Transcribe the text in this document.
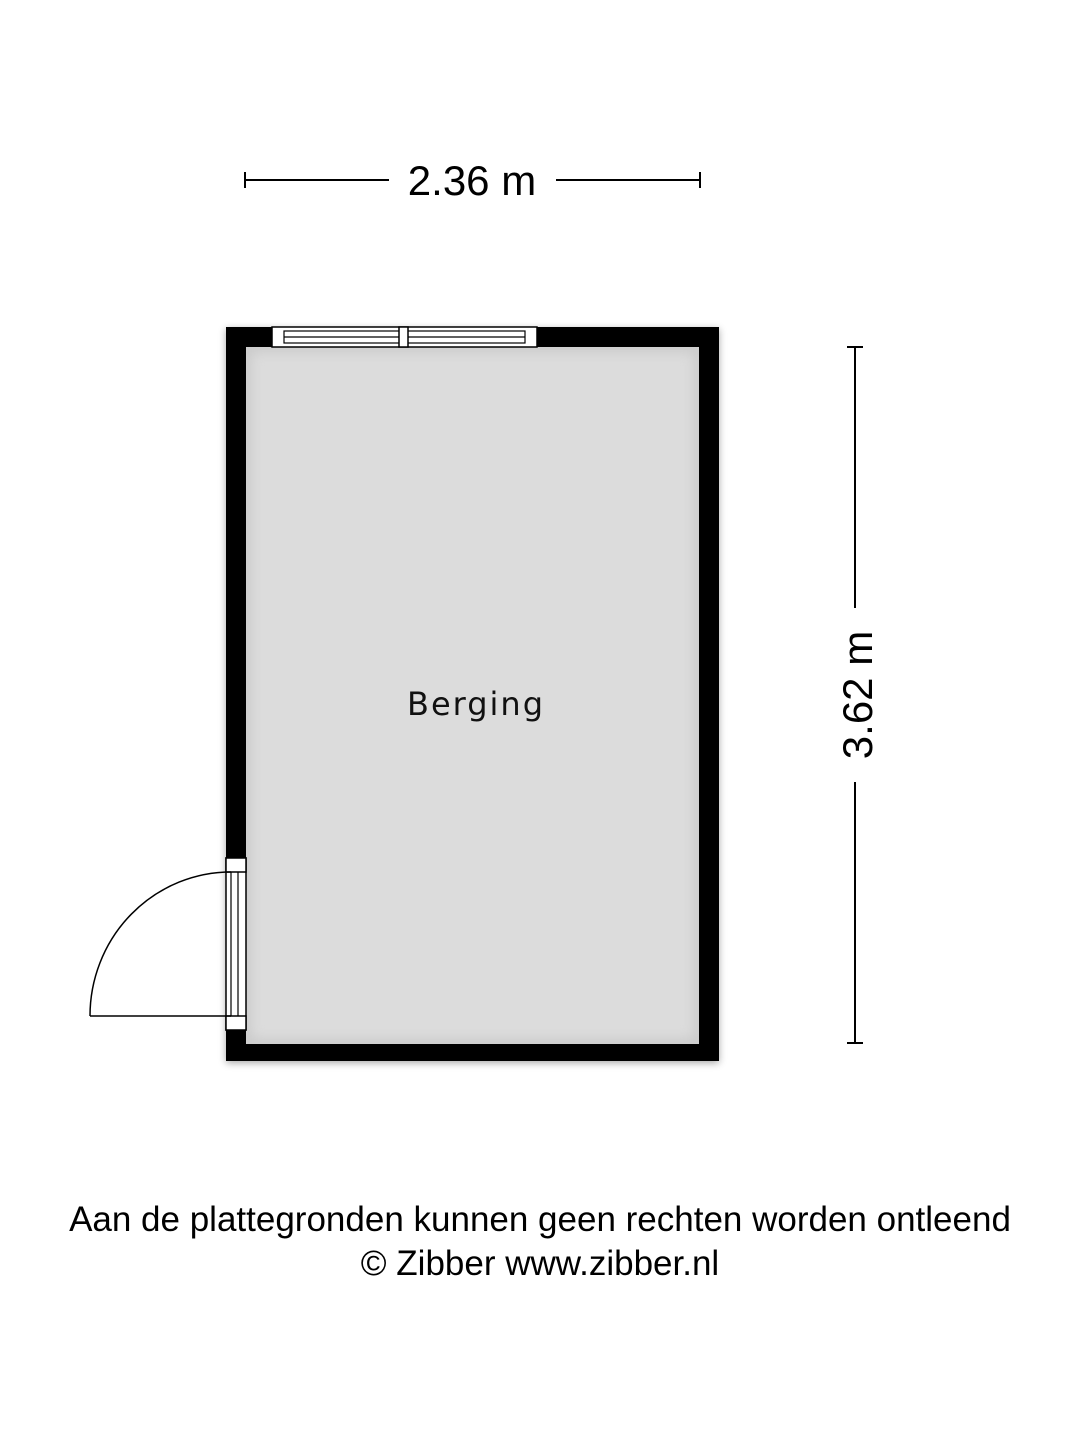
2.36 m
3.62 m
Berging
Aan de plattegronden kunnen geen rechten worden ontleend
© Zibber www.zibber.nl
